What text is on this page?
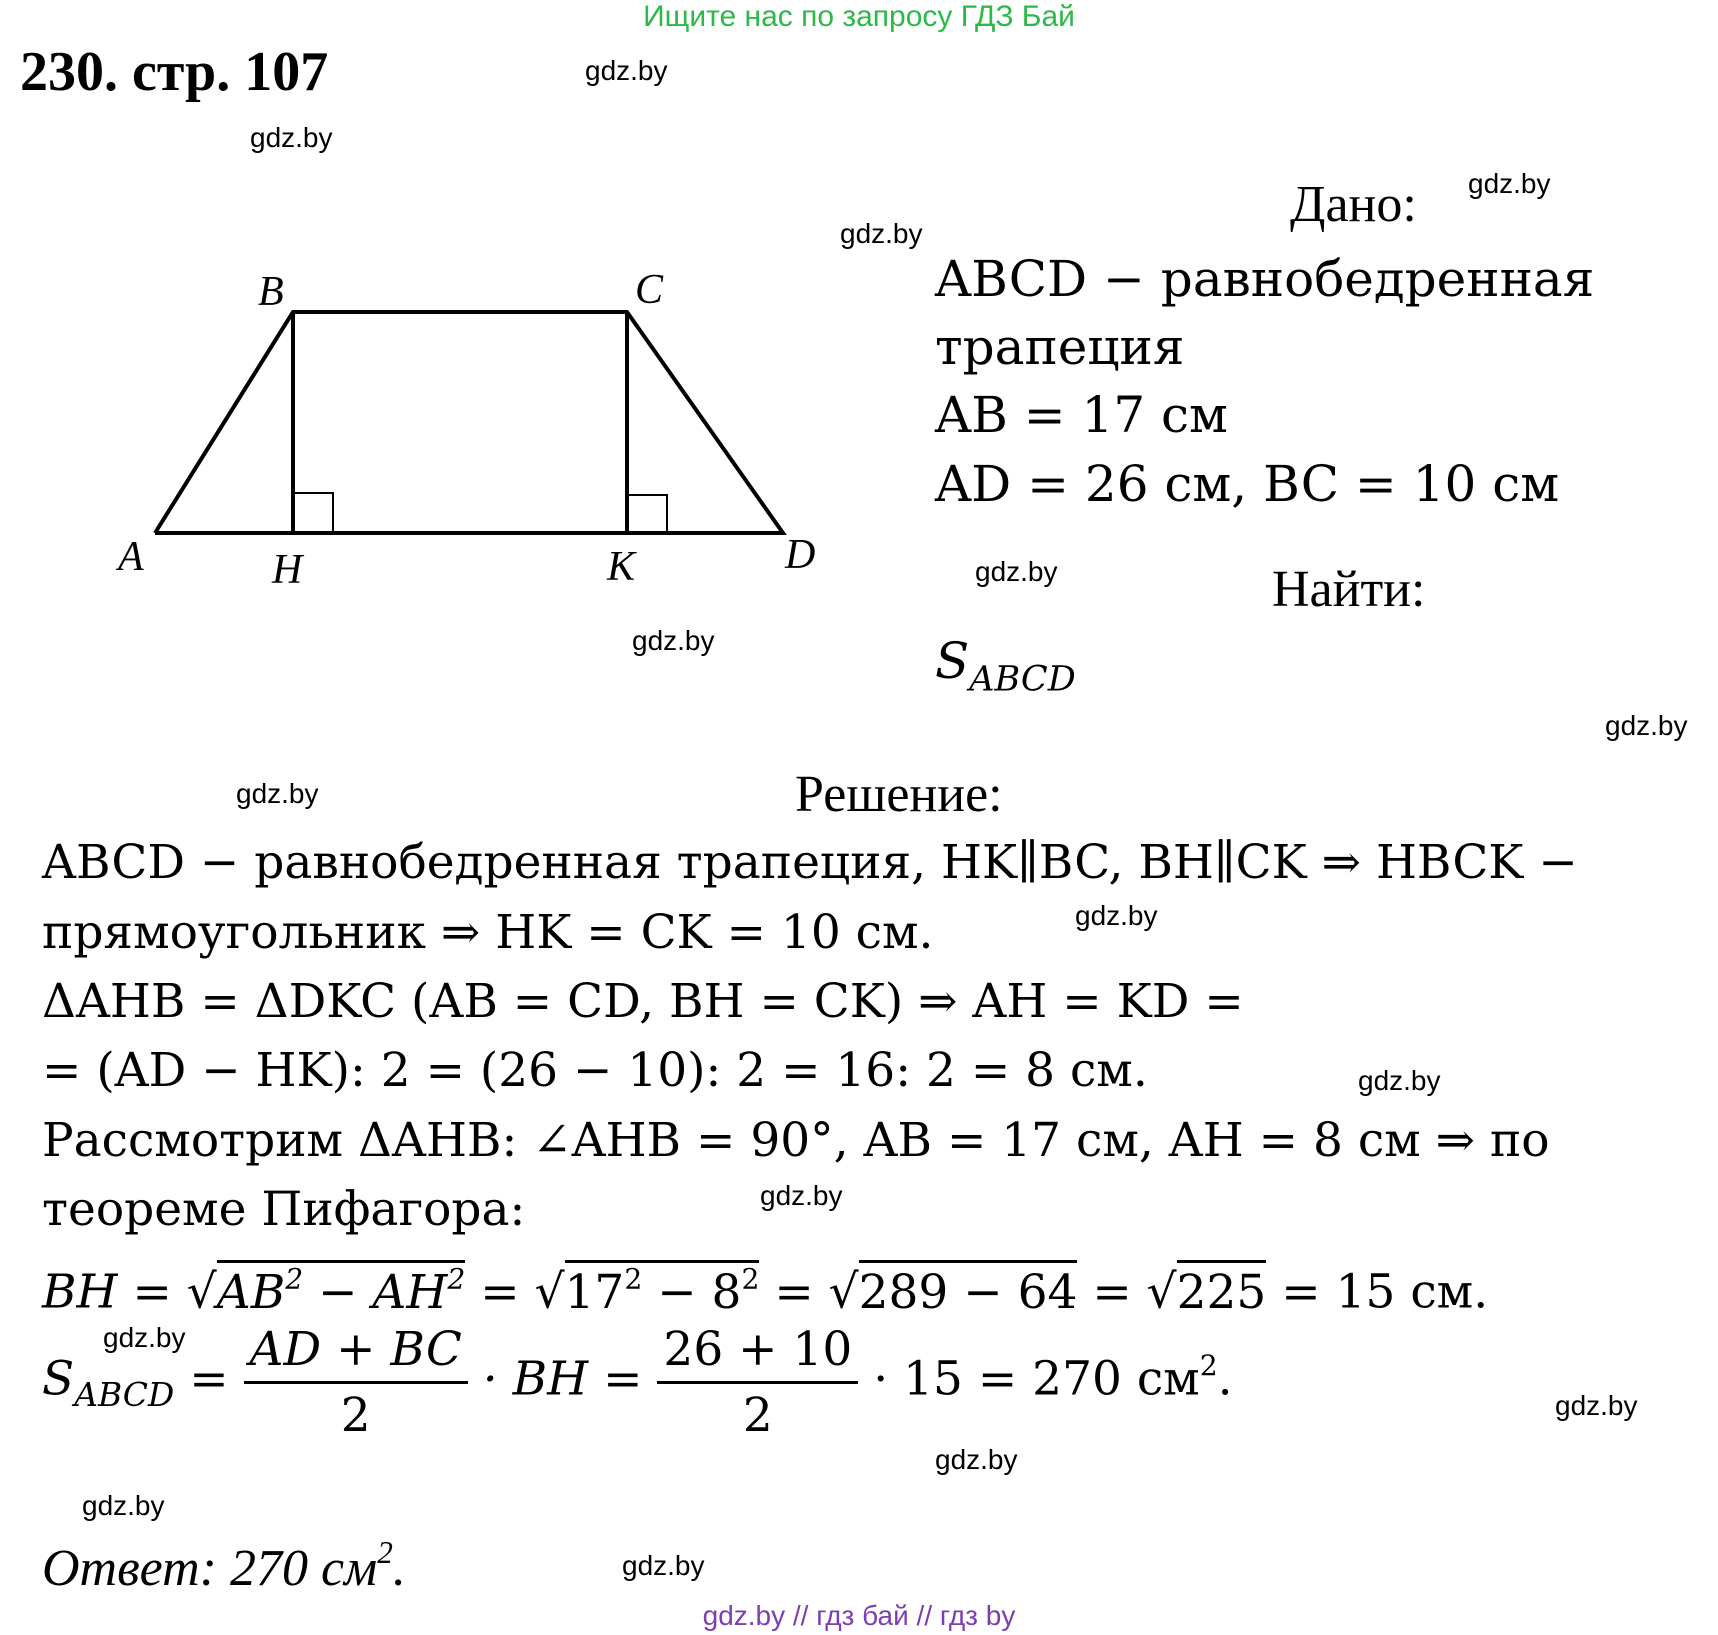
Ищите нас по запросу ГДЗ Бай
230. стр. 107	gdz.by
gdz.by
gdz.by
gdz.by
gdz.by
gdz.by
gdz.by
gdz.by
gdz.by
gdz.by
gdz.by
gdz.by
gdz.by
gdz.by
gdz.by
gdz.by
A
B	C
D
H	K
Дано:
ABCD − равнобедренная
трапеция
AB = 17 см
AD = 26 см, BC = 10 см
Найти:
$S_{ABCD}$
Решение:
ABCD − равнобедренная трапеция, HK∥BC, BH∥CK ⇒ HBCK −
прямоугольник ⇒ HK = CK = 10 см.
ΔAHB = ΔDKC (AB = CD, BH = CK) ⇒ AH = KD =
= (AD − HK): 2 = (26 − 10): 2 = 16: 2 = 8 см.
Рассмотрим ΔAHB: ∠AHB = 90°, AB = 17 см, AH = 8 см ⇒ по
теореме Пифагора:
BH = $√AB^2 - AH^2 = √17^2 - 8^2 = √289 - 64 = √225 = 15$ см.
$S_{ABCD} = \frac{AD + BC}{2}$ · BH = $\frac{26 + 10}{2} \cdot 15 = 270$ $см^2$.
Ответ: 270 $см^2$.
gdz.by // гдз бай // гдз by
